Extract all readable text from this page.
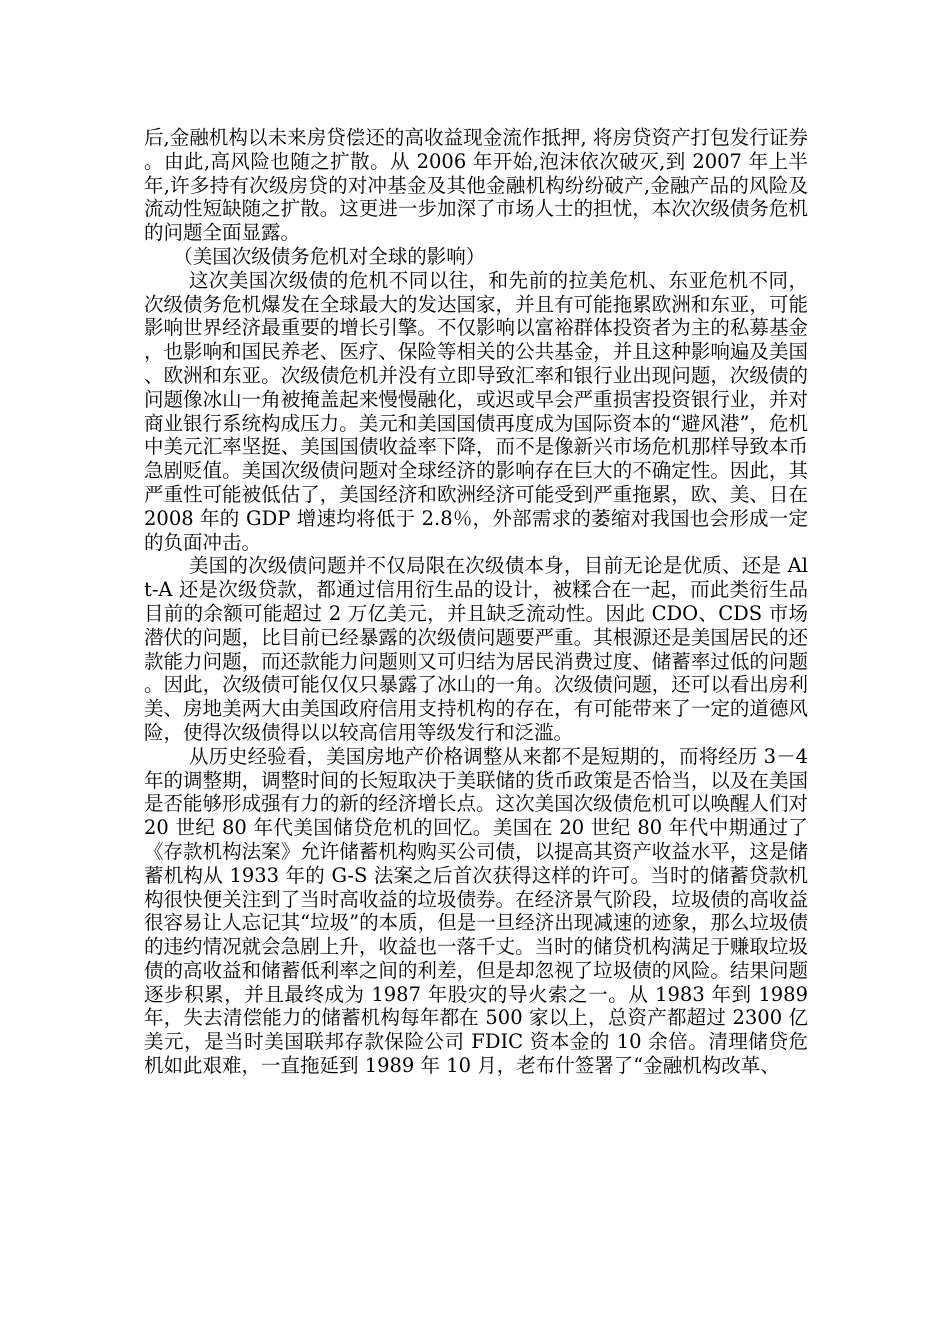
后,金融机构以未来房贷偿还的高收益现金流作抵押, 将房贷资产打包发行证券。由此,高风险也随之扩散。从 2006 年开始,泡沫依次破灭,到 2007 年上半年,许多持有次级房贷的对冲基金及其他金融机构纷纷破产,金融产品的风险及流动性短缺随之扩散。这更进一步加深了市场人士的担忧，本次次级债务危机的问题全面显露。

（美国次级债务危机对全球的影响）

这次美国次级债的危机不同以往，和先前的拉美危机、东亚危机不同，次级债务危机爆发在全球最大的发达国家，并且有可能拖累欧洲和东亚，可能影响世界经济最重要的增长引擎。不仅影响以富裕群体投资者为主的私募基金，也影响和国民养老、医疗、保险等相关的公共基金，并且这种影响遍及美国、欧洲和东亚。次级债危机并没有立即导致汇率和银行业出现问题，次级债的问题像冰山一角被掩盖起来慢慢融化，或迟或早会严重损害投资银行业，并对商业银行系统构成压力。美元和美国国债再度成为国际资本的“避风港”，危机中美元汇率坚挺、美国国债收益率下降，而不是像新兴市场危机那样导致本币急剧贬值。美国次级债问题对全球经济的影响存在巨大的不确定性。因此，其严重性可能被低估了，美国经济和欧洲经济可能受到严重拖累，欧、美、日在 2008 年的 GDP 增速均将低于 2.8％，外部需求的萎缩对我国也会形成一定的负面冲击。

美国的次级债问题并不仅局限在次级债本身，目前无论是优质、还是 Alt-A 还是次级贷款，都通过信用衍生品的设计，被糅合在一起，而此类衍生品目前的余额可能超过 2 万亿美元，并且缺乏流动性。因此 CDO、CDS 市场潜伏的问题，比目前已经暴露的次级债问题要严重。其根源还是美国居民的还款能力问题，而还款能力问题则又可归结为居民消费过度、储蓄率过低的问题。因此，次级债可能仅仅只暴露了冰山的一角。次级债问题，还可以看出房利美、房地美两大由美国政府信用支持机构的存在，有可能带来了一定的道德风险，使得次级债得以以较高信用等级发行和泛滥。

从历史经验看，美国房地产价格调整从来都不是短期的，而将经历 3－4 年的调整期，调整时间的长短取决于美联储的货币政策是否恰当，以及在美国是否能够形成强有力的新的经济增长点。这次美国次级债危机可以唤醒人们对 20 世纪 80 年代美国储贷危机的回忆。美国在 20 世纪 80 年代中期通过了《存款机构法案》允许储蓄机构购买公司债，以提高其资产收益水平，这是储蓄机构从 1933 年的 G-S 法案之后首次获得这样的许可。当时的储蓄贷款机构很快便关注到了当时高收益的垃圾债券。在经济景气阶段，垃圾债的高收益很容易让人忘记其“垃圾”的本质，但是一旦经济出现减速的迹象，那么垃圾债的违约情况就会急剧上升，收益也一落千丈。当时的储贷机构满足于赚取垃圾债的高收益和储蓄低利率之间的利差，但是却忽视了垃圾债的风险。结果问题逐步积累，并且最终成为 1987 年股灾的导火索之一。从 1983 年到 1989 年，失去清偿能力的储蓄机构每年都在 500 家以上，总资产都超过 2300 亿美元，是当时美国联邦存款保险公司 FDIC 资本金的 10 余倍。清理储贷危机如此艰难，一直拖延到 1989 年 10 月，老布什签署了“金融机构改革、
